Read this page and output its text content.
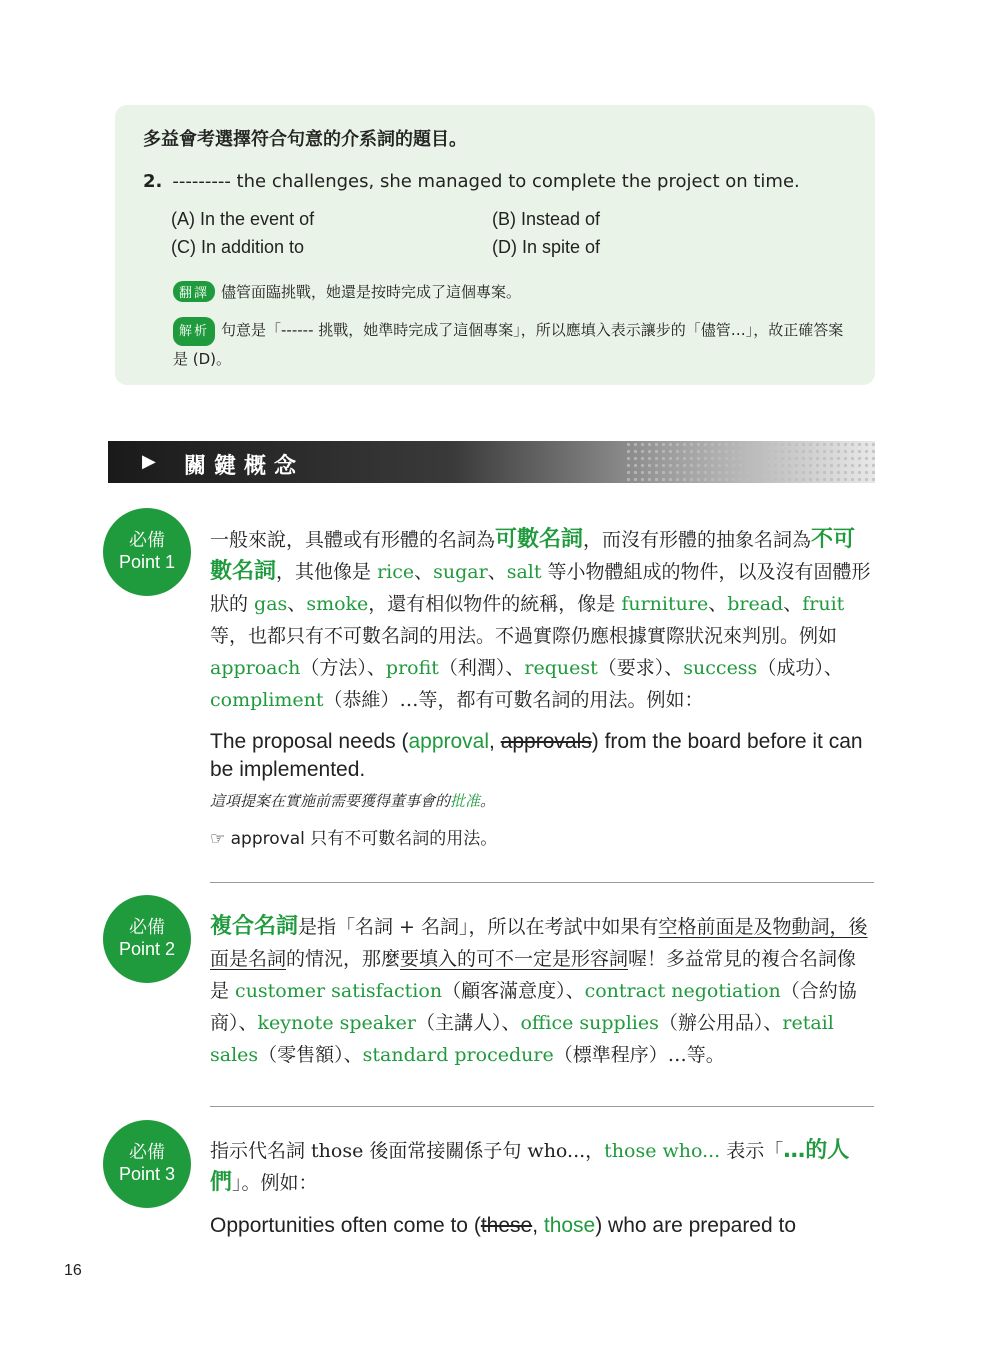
多益會考選擇符合句意的介系詞的題目。
2. --------- the challenges, she managed to complete the project on time.
(A) In the event of	(B) Instead of
(C) In addition to	(D) In spite of
翻譯 儘管面臨挑戰，她還是按時完成了這個專案。
解析 句意是「------ 挑戰，她準時完成了這個專案」，所以應填入表示讓步的「儘管…」，故正確答案是 (D)。
▶ 關鍵概念
必備
Point 1
一般來說，具體或有形體的名詞為可數名詞，而沒有形體的抽象名詞為不可數名詞，其他像是 rice、sugar、salt 等小物體組成的物件，以及沒有固體形狀的 gas、smoke，還有相似物件的統稱，像是 furniture、bread、fruit 等，也都只有不可數名詞的用法。不過實際仍應根據實際狀況來判別。例如 approach（方法）、profit（利潤）、request（要求）、success（成功）、compliment（恭維）…等，都有可數名詞的用法。例如：
The proposal needs (approval, approvals) from the board before it can be implemented.
這項提案在實施前需要獲得董事會的批准。
☞ approval 只有不可數名詞的用法。
必備
Point 2
複合名詞是指「名詞 + 名詞」，所以在考試中如果有空格前面是及物動詞，後面是名詞的情況，那麼要填入的可不一定是形容詞喔！多益常見的複合名詞像是 customer satisfaction（顧客滿意度）、contract negotiation（合約協商）、keynote speaker（主講人）、office supplies（辦公用品）、retail sales（零售額）、standard procedure（標準程序）…等。
必備
Point 3
指示代名詞 those 後面常接關係子句 who...，those who... 表示「…的人們」。例如：
Opportunities often come to (these, those) who are prepared to
16
